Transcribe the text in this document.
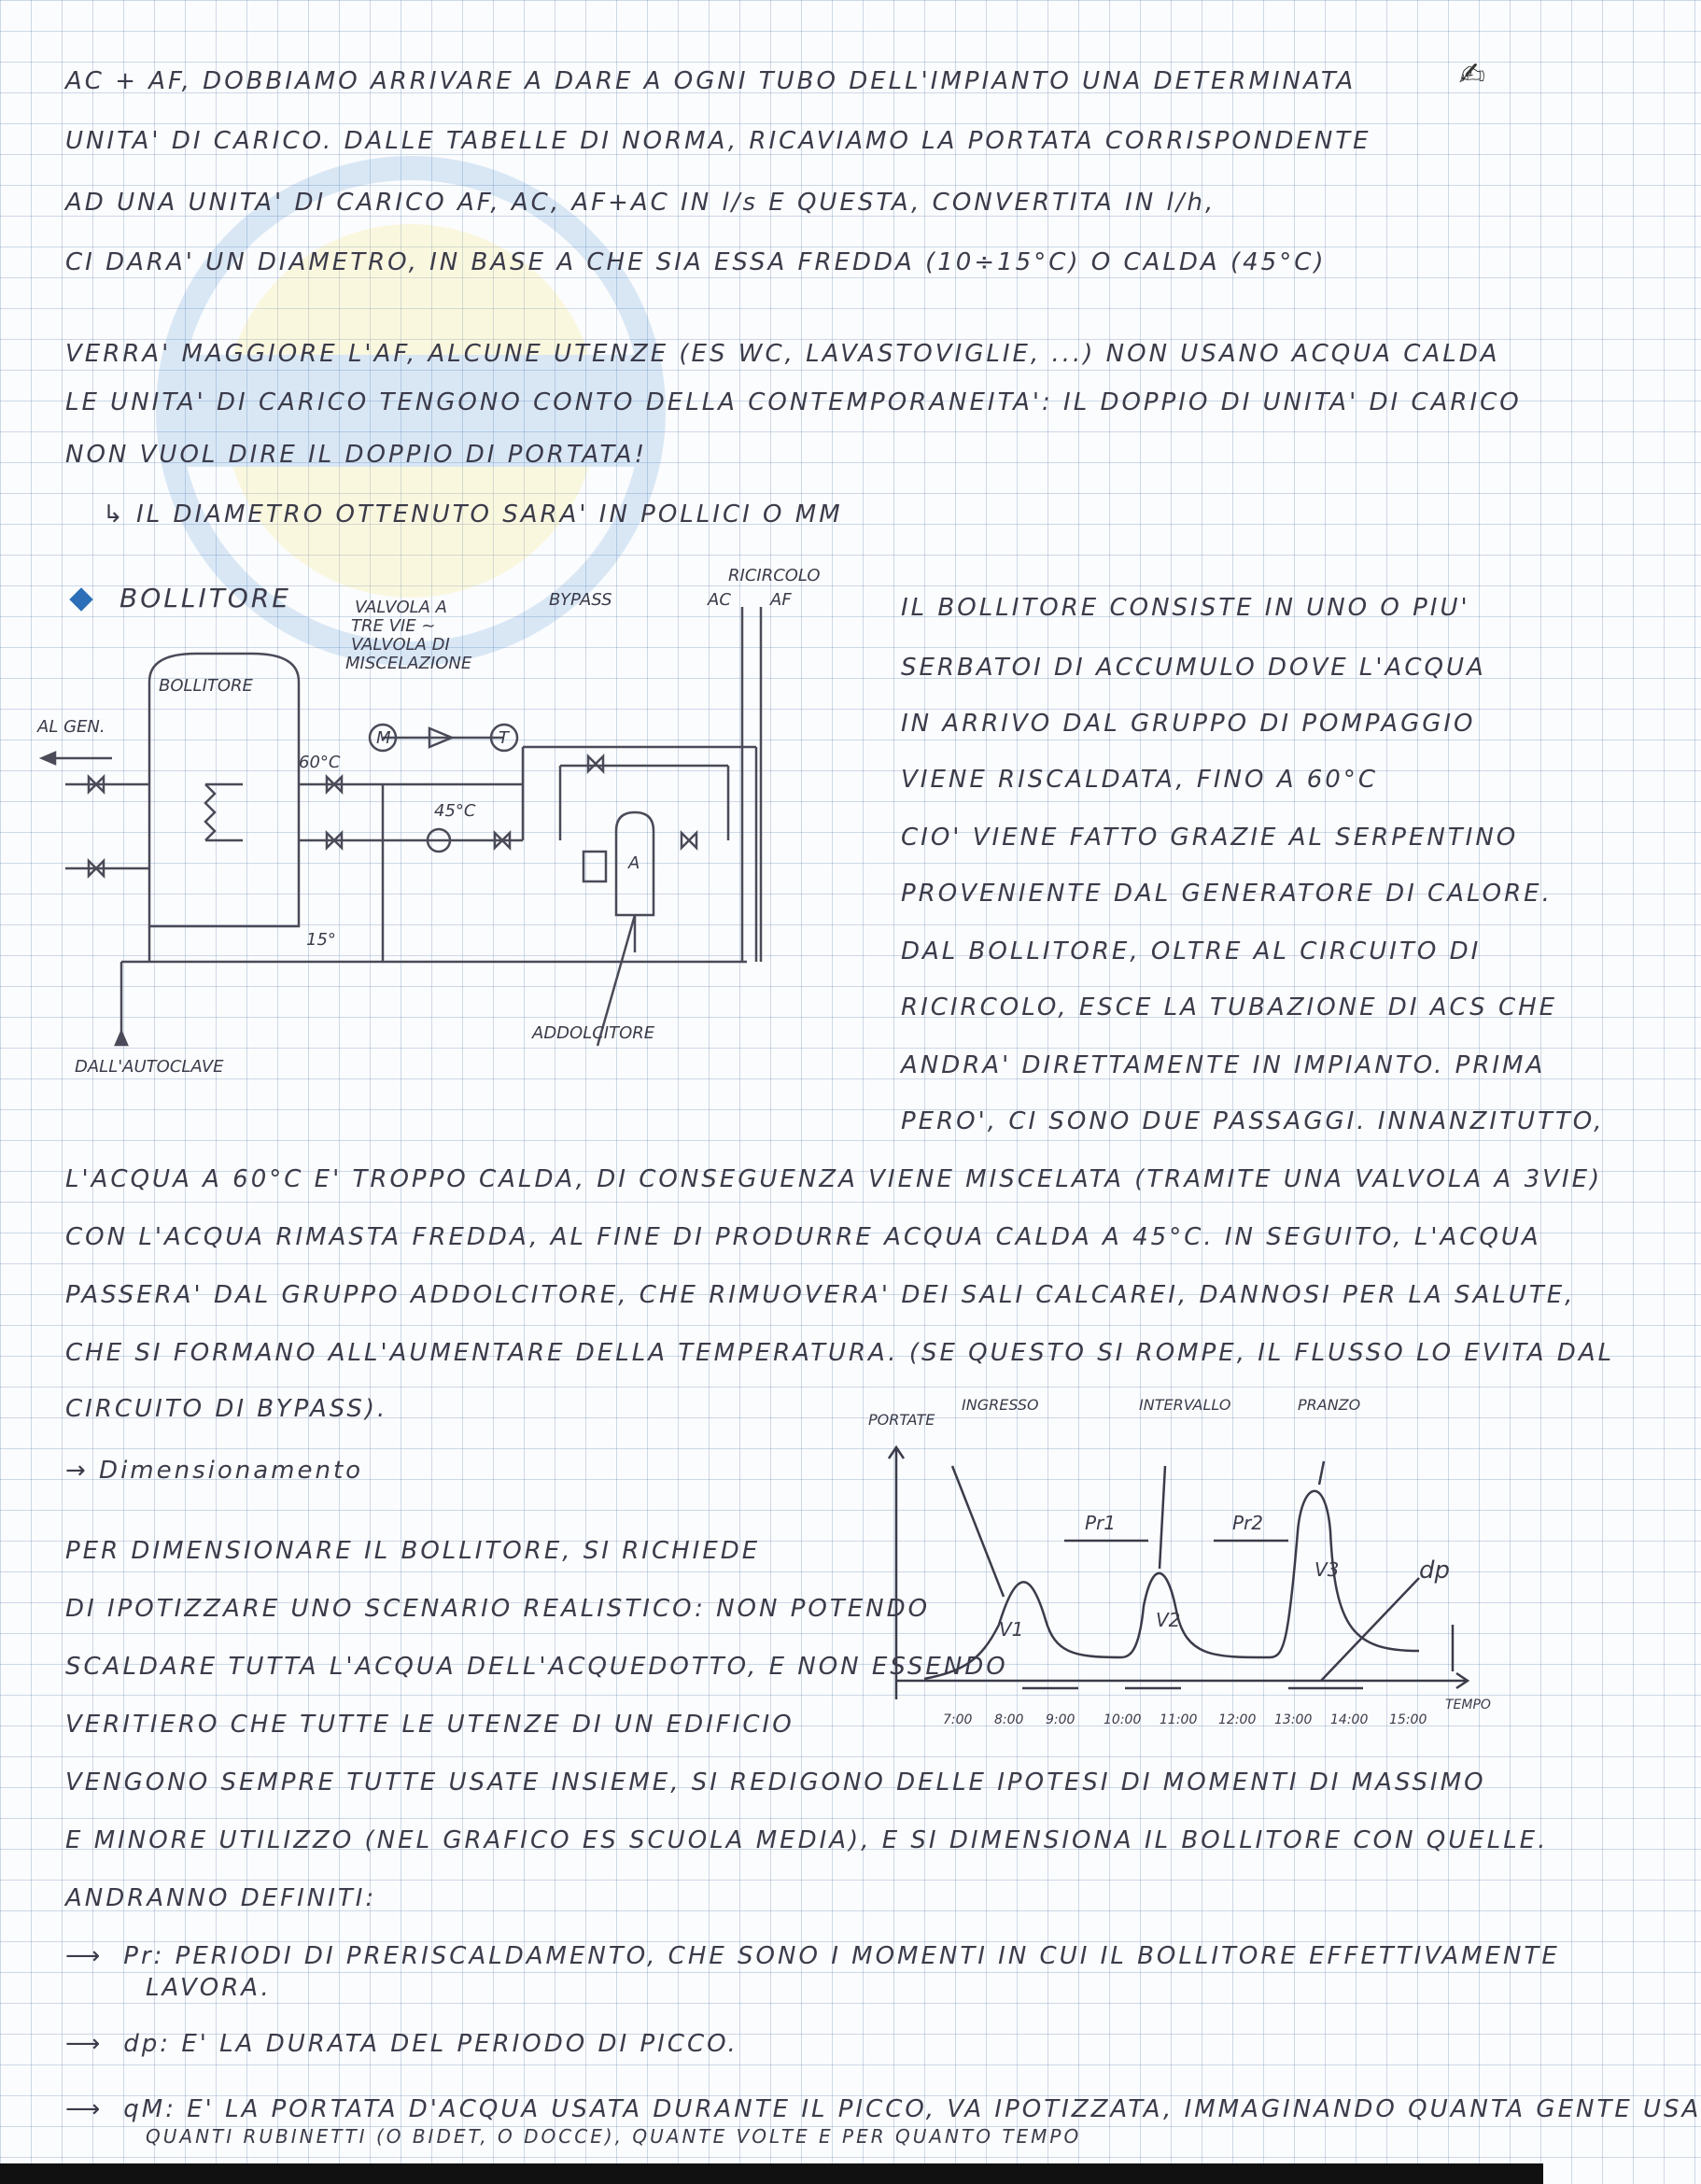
✍
AC + AF, DOBBIAMO ARRIVARE A DARE A OGNI TUBO DELL'IMPIANTO UNA DETERMINATA
UNITA' DI CARICO. DALLE TABELLE DI NORMA, RICAVIAMO LA PORTATA CORRISPONDENTE
AD UNA UNITA' DI CARICO AF, AC, AF+AC IN l/s E QUESTA, CONVERTITA IN l/h,
CI DARA' UN DIAMETRO, IN BASE A CHE SIA ESSA FREDDA (10÷15°C) O CALDA (45°C)
VERRA' MAGGIORE L'AF, ALCUNE UTENZE (ES WC, LAVASTOVIGLIE, ...) NON USANO ACQUA CALDA
LE UNITA' DI CARICO TENGONO CONTO DELLA CONTEMPORANEITA': IL DOPPIO DI UNITA' DI CARICO
NON VUOL DIRE IL DOPPIO DI PORTATA!
↳ IL DIAMETRO OTTENUTO SARA' IN POLLICI O MM
BOLLITORE
RICIRCOLO
AC AF
BYPASS
VALVOLA A
TRE VIE ~
VALVOLA DI
MISCELAZIONE
BOLLITORE
AL GEN.
60°C
45°C
15°
M	T
A
ADDOLCITORE
DALL'AUTOCLAVE
IL BOLLITORE CONSISTE IN UNO O PIU'
SERBATOI DI ACCUMULO DOVE L'ACQUA
IN ARRIVO DAL GRUPPO DI POMPAGGIO
VIENE RISCALDATA, FINO A 60°C
CIO' VIENE FATTO GRAZIE AL SERPENTINO
PROVENIENTE DAL GENERATORE DI CALORE.
DAL BOLLITORE, OLTRE AL CIRCUITO DI
RICIRCOLO, ESCE LA TUBAZIONE DI ACS CHE
ANDRA' DIRETTAMENTE IN IMPIANTO. PRIMA
PERO', CI SONO DUE PASSAGGI. INNANZITUTTO,
L'ACQUA A 60°C E' TROPPO CALDA, DI CONSEGUENZA VIENE MISCELATA (TRAMITE UNA VALVOLA A 3VIE)
CON L'ACQUA RIMASTA FREDDA, AL FINE DI PRODURRE ACQUA CALDA A 45°C. IN SEGUITO, L'ACQUA
PASSERA' DAL GRUPPO ADDOLCITORE, CHE RIMUOVERA' DEI SALI CALCAREI, DANNOSI PER LA SALUTE,
CHE SI FORMANO ALL'AUMENTARE DELLA TEMPERATURA. (SE QUESTO SI ROMPE, IL FLUSSO LO EVITA DAL
CIRCUITO DI BYPASS).
→ Dimensionamento
PER DIMENSIONARE IL BOLLITORE, SI RICHIEDE
DI IPOTIZZARE UNO SCENARIO REALISTICO: NON POTENDO
SCALDARE TUTTA L'ACQUA DELL'ACQUEDOTTO, E NON ESSENDO
VERITIERO CHE TUTTE LE UTENZE DI UN EDIFICIO
PORTATE
TEMPO
INGRESSO	INTERVALLO	PRANZO
Pr1	Pr2
V1	V2
V3	dp
7:00 8:00 9:00 10:00 11:00 12:00 13:00 14:00 15:00
VENGONO SEMPRE TUTTE USATE INSIEME, SI REDIGONO DELLE IPOTESI DI MOMENTI DI MASSIMO
E MINORE UTILIZZO (NEL GRAFICO ES SCUOLA MEDIA), E SI DIMENSIONA IL BOLLITORE CON QUELLE.
ANDRANNO DEFINITI:
⟶ Pr: PERIODI DI PRERISCALDAMENTO, CHE SONO I MOMENTI IN CUI IL BOLLITORE EFFETTIVAMENTE
LAVORA.
⟶ dp: E' LA DURATA DEL PERIODO DI PICCO.
⟶ qM: E' LA PORTATA D'ACQUA USATA DURANTE IL PICCO, VA IPOTIZZATA, IMMAGINANDO QUANTA GENTE USA
QUANTI RUBINETTI (O BIDET, O DOCCE), QUANTE VOLTE E PER QUANTO TEMPO
